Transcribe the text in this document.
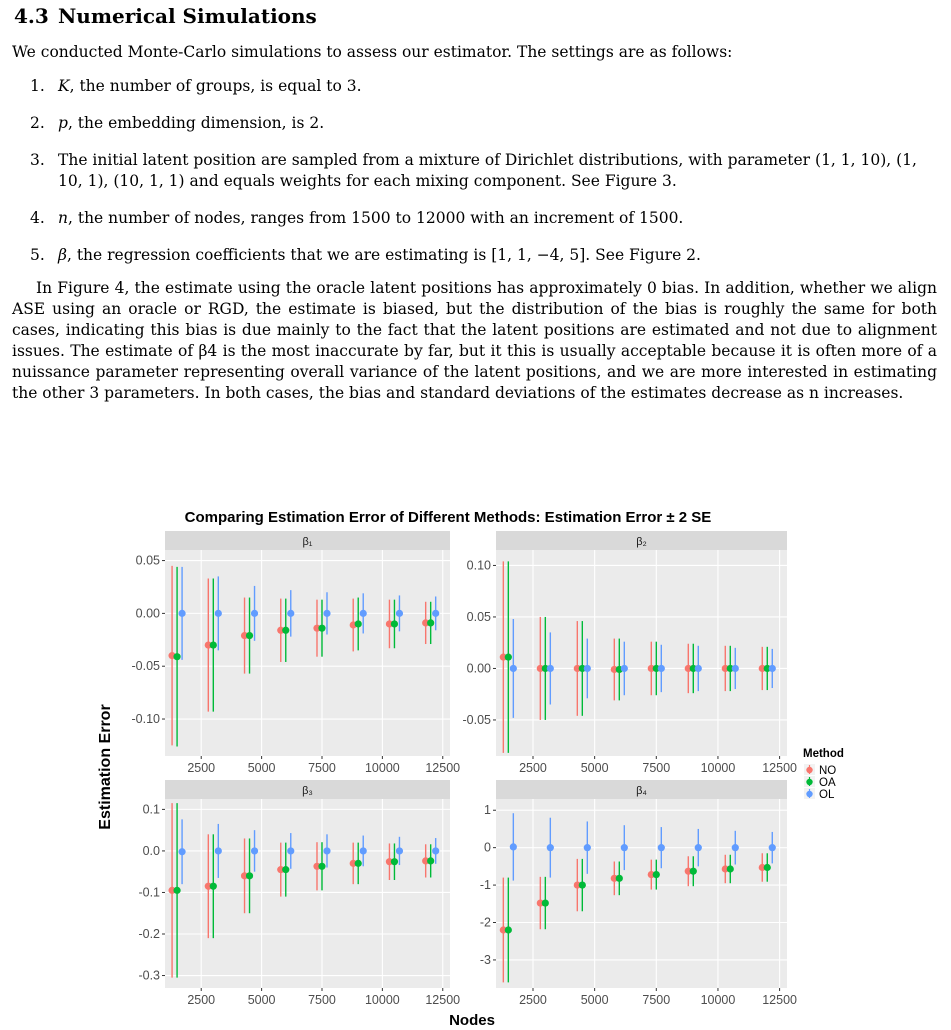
4.3 Numerical Simulations
We conducted Monte-Carlo simulations to assess our estimator. The settings are as follows:
1. K, the number of groups, is equal to 3.
2. p, the embedding dimension, is 2.
3. The initial latent position are sampled from a mixture of Dirichlet distributions, with parameter (1, 1, 10), (1, 10, 1), (10, 1, 1) and equals weights for each mixing component. See Figure 3.
4. n, the number of nodes, ranges from 1500 to 12000 with an increment of 1500.
5. β, the regression coefficients that we are estimating is [1, 1, −4, 5]. See Figure 2.

In Figure 4, the estimate using the oracle latent positions has approximately 0 bias. In addition, whether we align ASE using an oracle or RGD, the estimate is biased, but the distribution of the bias is roughly the same for both cases, indicating this bias is due mainly to the fact that the latent positions are estimated and not due to alignment issues. The estimate of β4 is the most inaccurate by far, but it this is usually acceptable because it is often more of a nuissance parameter representing overall variance of the latent positions, and we are more interested in estimating the other 3 parameters. In both cases, the bias and standard deviations of the estimates decrease as n increases.

Comparing Estimation Error of Different Methods: Estimation Error ± 2 SE
Estimation Error
Nodes
β₁
2500	5000	7500 10000 12500
0.05
0.00
-0.05
-0.10
β₂
2500	5000	7500 10000 12500
0.10
0.05
0.00
-0.05
β₃
2500	5000	7500 10000 12500
0.1
0.0
-0.1
-0.2
-0.3
β₄
2500	5000	7500 10000 12500
1
0
-1
-2
-3
Method
NO
OA
OL
